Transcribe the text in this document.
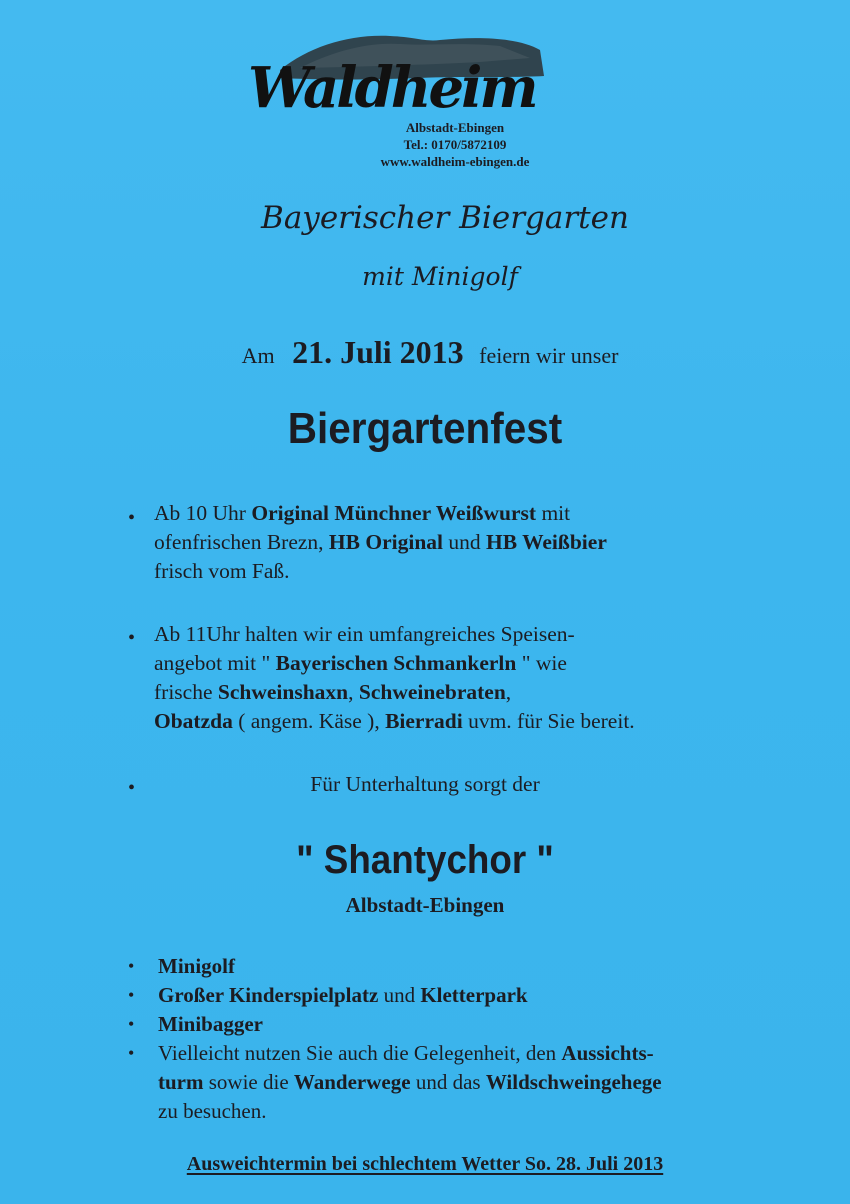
Waldheim
Albstadt-Ebingen
Tel.: 0170/5872109
www.waldheim-ebingen.de
Bayerischer Biergarten
mit Minigolf
Am 21. Juli 2013 feiern wir unser
Biergartenfest
• Ab 10 Uhr Original Münchner Weißwurst mit
ofenfrischen Brezn, HB Original und HB Weißbier
frisch vom Faß.
• Ab 11Uhr halten wir ein umfangreiches Speisen-
angebot mit " Bayerischen Schmankerln " wie
frische Schweinshaxn, Schweinebraten,
Obatzda ( angem. Käse ), Bierradi uvm. für Sie bereit.
•	Für Unterhaltung sorgt der
" Shantychor "
Albstadt-Ebingen
•	Minigolf
•	Großer Kinderspielplatz und Kletterpark
•	Minibagger
•	Vielleicht nutzen Sie auch die Gelegenheit, den Aussichts-
turm sowie die Wanderwege und das Wildschweingehege
zu besuchen.
Ausweichtermin bei schlechtem Wetter So. 28. Juli 2013
